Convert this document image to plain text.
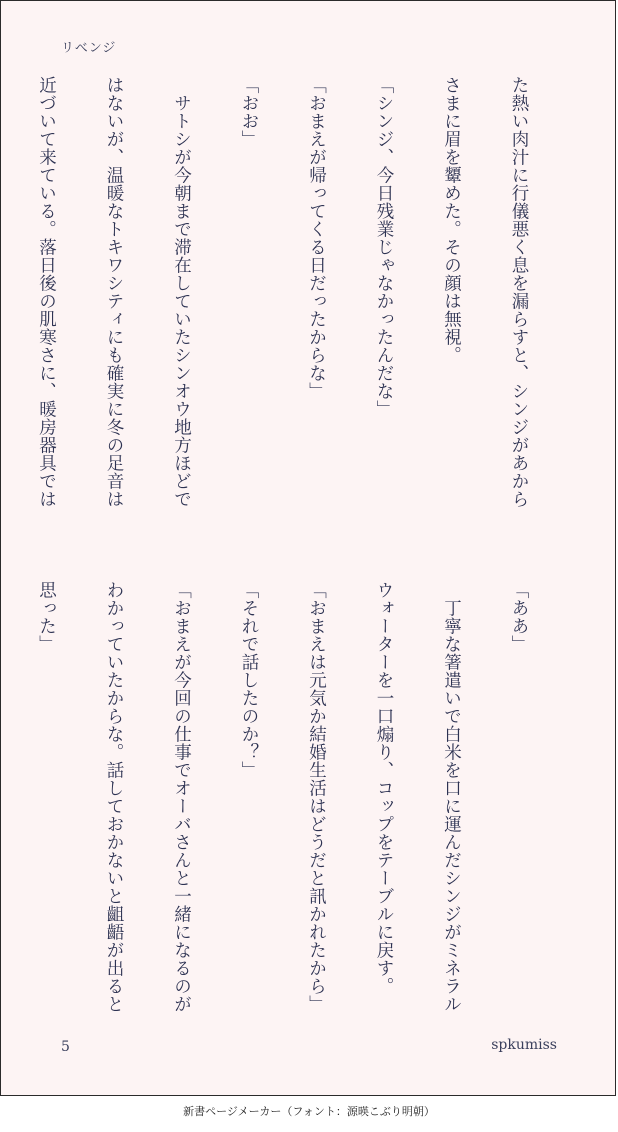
リベンジ

た熱い肉汁に行儀悪く息を漏らすと、シンジがあから

さまに眉を顰めた。その顔は無視。

「シンジ、今日残業じゃなかったんだな」

「おまえが帰ってくる日だったからな」

「おお」

　サトシが今朝まで滞在していたシンオウ地方ほどで

はないが、温暖なトキワシティにも確実に冬の足音は

近づいて来ている。落日後の肌寒さに、暖房器具では

「ああ」

　丁寧な箸遣いで白米を口に運んだシンジがミネラル

ウォーターを一口煽り、コップをテーブルに戻す。

「おまえは元気か結婚生活はどうだと訊かれたから」

「それで話したのか？」

「おまえが今回の仕事でオーバさんと一緒になるのが

わかっていたからな。話しておかないと齟齬が出ると

思った」

5	spkumiss
新書ページメーカー（フォント：源暎こぶり明朝）
